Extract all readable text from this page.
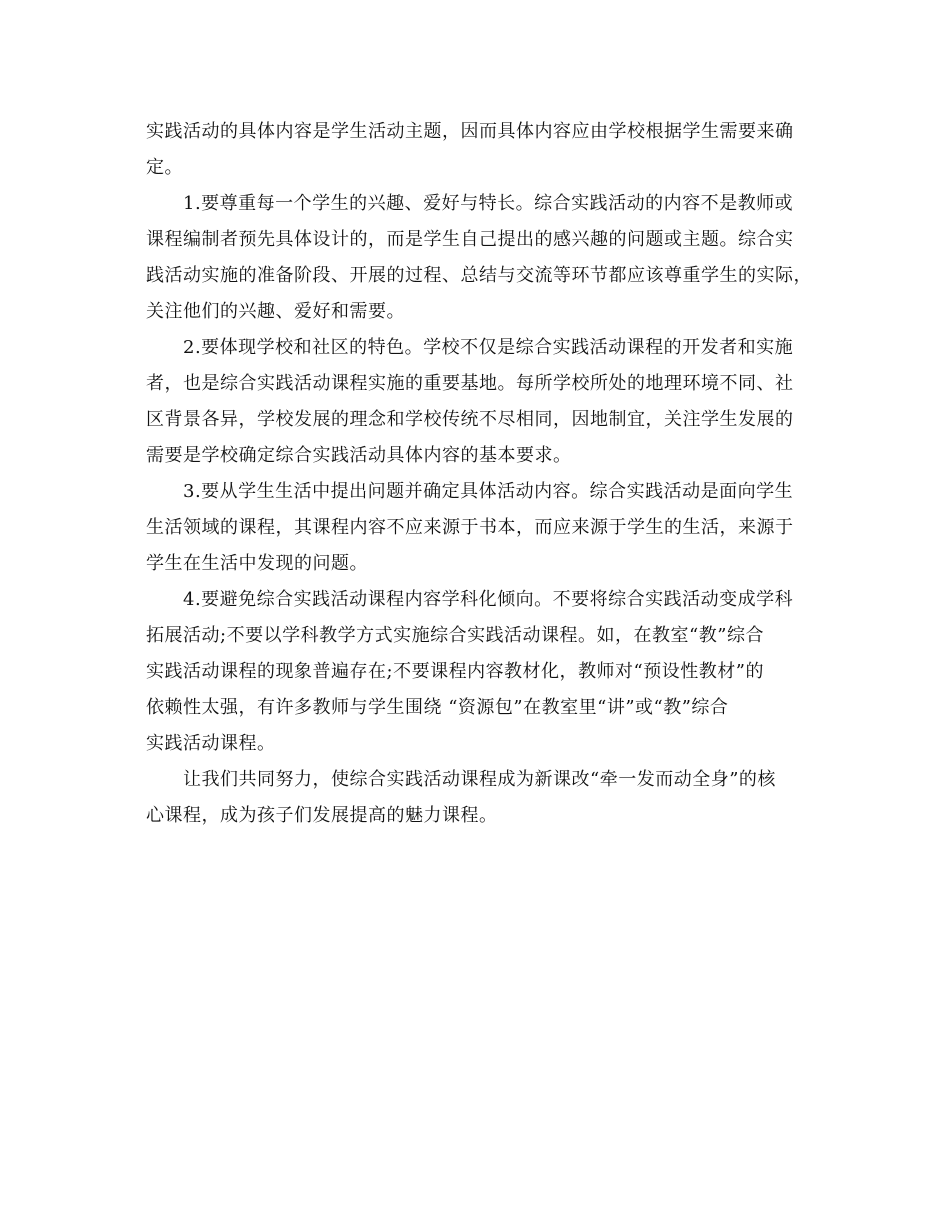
实践活动的具体内容是学生活动主题，因而具体内容应由学校根据学生需要来确

定。

1.要尊重每一个学生的兴趣、爱好与特长。综合实践活动的内容不是教师或

课程编制者预先具体设计的，而是学生自己提出的感兴趣的问题或主题。综合实

践活动实施的准备阶段、开展的过程、总结与交流等环节都应该尊重学生的实际，

关注他们的兴趣、爱好和需要。

2.要体现学校和社区的特色。学校不仅是综合实践活动课程的开发者和实施

者，也是综合实践活动课程实施的重要基地。每所学校所处的地理环境不同、社

区背景各异，学校发展的理念和学校传统不尽相同，因地制宜，关注学生发展的

需要是学校确定综合实践活动具体内容的基本要求。

3.要从学生生活中提出问题并确定具体活动内容。综合实践活动是面向学生

生活领域的课程，其课程内容不应来源于书本，而应来源于学生的生活，来源于

学生在生活中发现的问题。

4.要避免综合实践活动课程内容学科化倾向。不要将综合实践活动变成学科

拓展活动;不要以学科教学方式实施综合实践活动课程。如，在教室“教”综合

实践活动课程的现象普遍存在;不要课程内容教材化，教师对“预设性教材”的

依赖性太强，有许多教师与学生围绕 “资源包”在教室里“讲”或“教”综合

实践活动课程。

让我们共同努力，使综合实践活动课程成为新课改“牵一发而动全身”的核

心课程，成为孩子们发展提高的魅力课程。
